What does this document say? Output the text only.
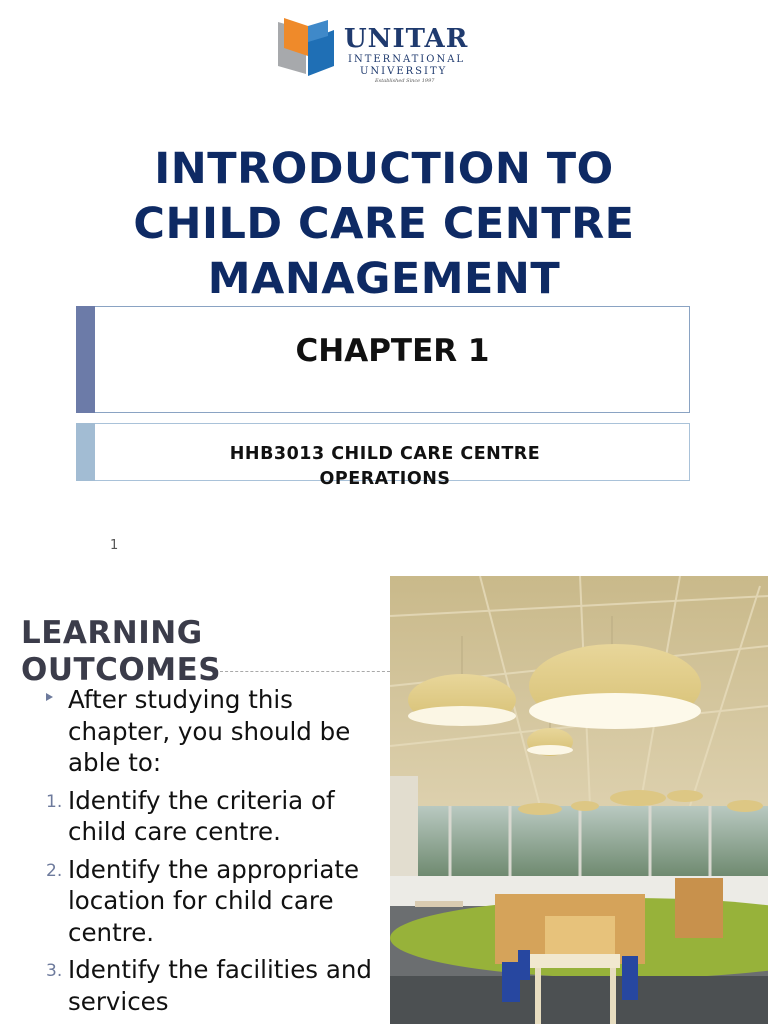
UNITAR
INTERNATIONAL
UNIVERSITY
Established Since 1997
INTRODUCTION TO
CHILD CARE CENTRE
MANAGEMENT
CHAPTER 1
HHB3013 CHILD CARE CENTRE
OPERATIONS
1
LEARNING
OUTCOMES
After studying this chapter, you should be able to:
1. Identify the criteria of child care centre.
2. Identify the appropriate location for child care centre.
3. Identify the facilities and services
